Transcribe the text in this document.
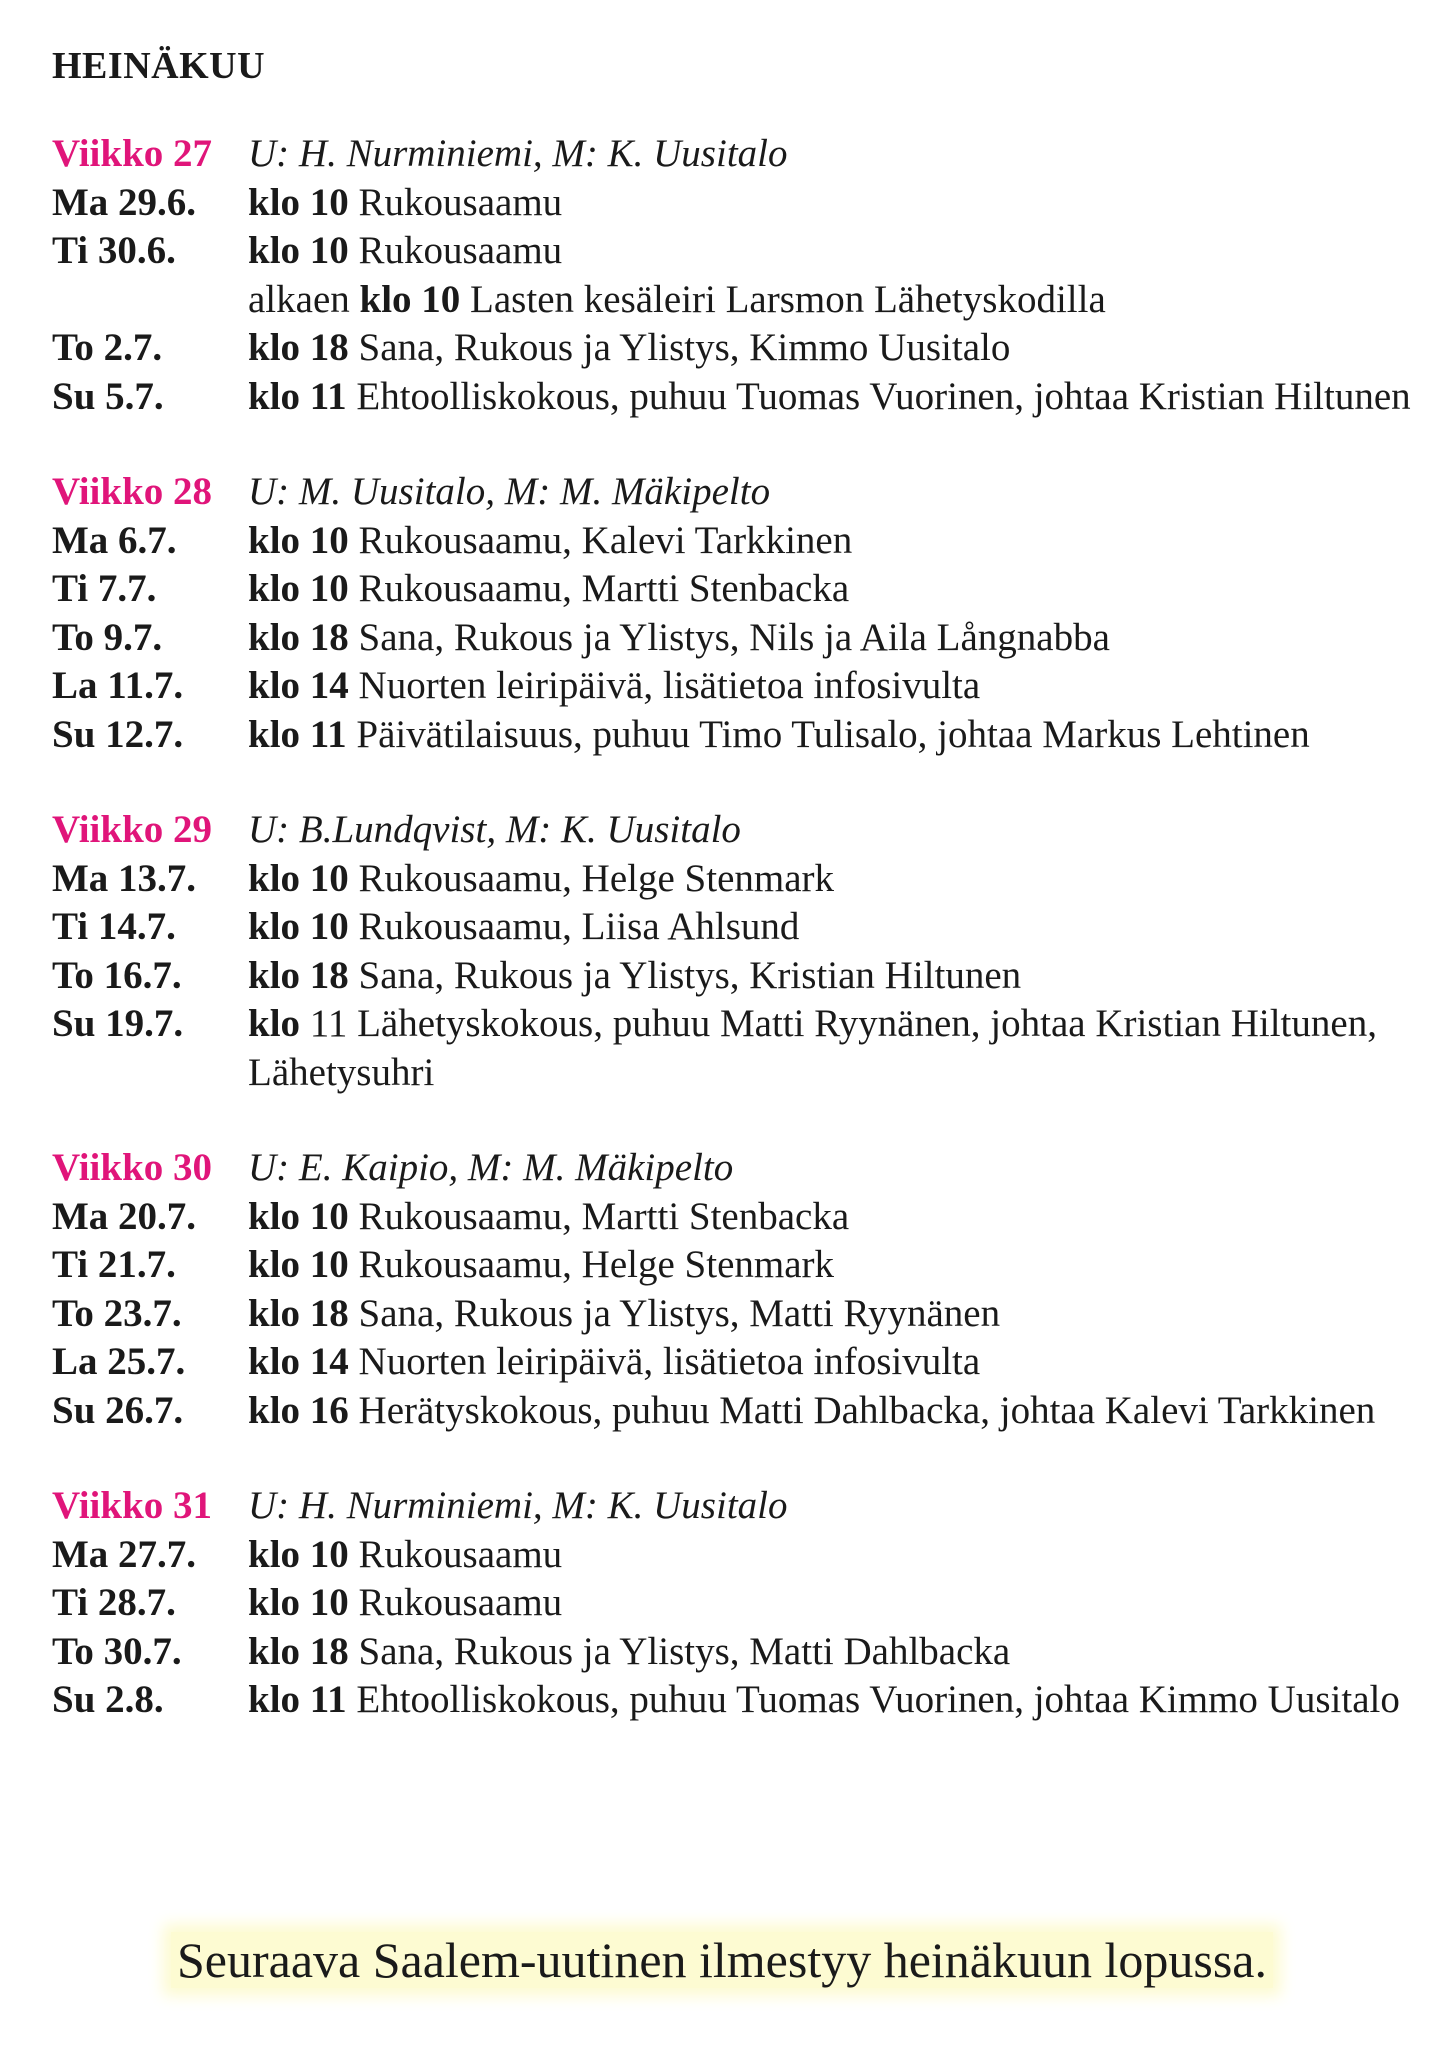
HEINÄKUU
Viikko 27 U: H. Nurminiemi, M: K. Uusitalo
Ma 29.6.	klo 10 Rukousaamu
Ti 30.6.	klo 10 Rukousaamu
alkaen klo 10 Lasten kesäleiri Larsmon Lähetyskodilla
To 2.7.	klo 18 Sana, Rukous ja Ylistys, Kimmo Uusitalo
Su 5.7.	klo 11 Ehtoolliskokous, puhuu Tuomas Vuorinen, johtaa Kristian Hiltunen
Viikko 28 U: M. Uusitalo, M: M. Mäkipelto
Ma 6.7.	klo 10 Rukousaamu, Kalevi Tarkkinen
Ti 7.7.	klo 10 Rukousaamu, Martti Stenbacka
To 9.7.	klo 18 Sana, Rukous ja Ylistys, Nils ja Aila Långnabba
La 11.7.	klo 14 Nuorten leiripäivä, lisätietoa infosivulta
Su 12.7.	klo 11 Päivätilaisuus, puhuu Timo Tulisalo, johtaa Markus Lehtinen
Viikko 29 U: B.Lundqvist, M: K. Uusitalo
Ma 13.7.	klo 10 Rukousaamu, Helge Stenmark
Ti 14.7.	klo 10 Rukousaamu, Liisa Ahlsund
To 16.7.	klo 18 Sana, Rukous ja Ylistys, Kristian Hiltunen
Su 19.7.	klo 11 Lähetyskokous, puhuu Matti Ryynänen, johtaa Kristian Hiltunen, Lähetysuhri
Viikko 30 U: E. Kaipio, M: M. Mäkipelto
Ma 20.7.	klo 10 Rukousaamu, Martti Stenbacka
Ti 21.7.	klo 10 Rukousaamu, Helge Stenmark
To 23.7.	klo 18 Sana, Rukous ja Ylistys, Matti Ryynänen
La 25.7.	klo 14 Nuorten leiripäivä, lisätietoa infosivulta
Su 26.7.	klo 16 Herätyskokous, puhuu Matti Dahlbacka, johtaa Kalevi Tarkkinen
Viikko 31 U: H. Nurminiemi, M: K. Uusitalo
Ma 27.7.	klo 10 Rukousaamu
Ti 28.7.	klo 10 Rukousaamu
To 30.7.	klo 18 Sana, Rukous ja Ylistys, Matti Dahlbacka
Su 2.8.	klo 11 Ehtoolliskokous, puhuu Tuomas Vuorinen, johtaa Kimmo Uusitalo
Seuraava Saalem-uutinen ilmestyy heinäkuun lopussa.
